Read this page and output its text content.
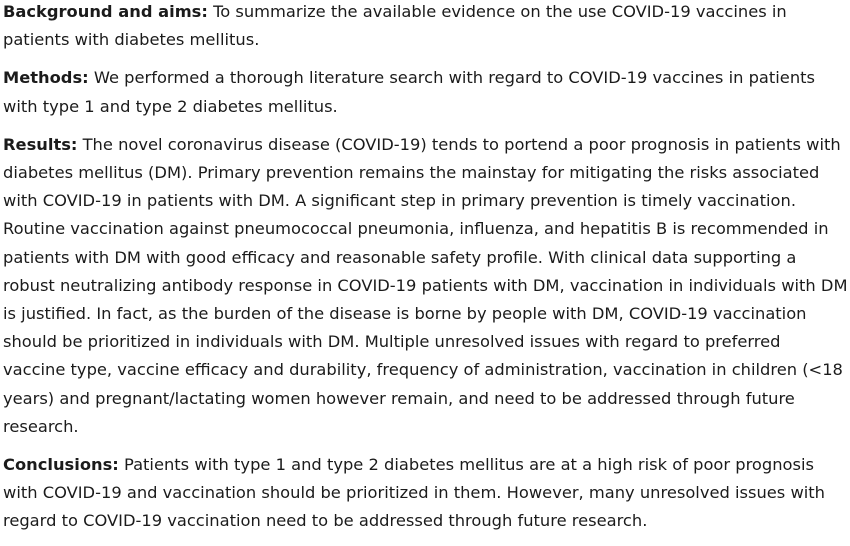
Background and aims: To summarize the available evidence on the use COVID-19 vaccines in patients with diabetes mellitus.

Methods: We performed a thorough literature search with regard to COVID-19 vaccines in patients with type 1 and type 2 diabetes mellitus.

Results: The novel coronavirus disease (COVID-19) tends to portend a poor prognosis in patients with diabetes mellitus (DM). Primary prevention remains the mainstay for mitigating the risks associated with COVID-19 in patients with DM. A significant step in primary prevention is timely vaccination. Routine vaccination against pneumococcal pneumonia, influenza, and hepatitis B is recommended in patients with DM with good efficacy and reasonable safety profile. With clinical data supporting a robust neutralizing antibody response in COVID-19 patients with DM, vaccination in individuals with DM is justified. In fact, as the burden of the disease is borne by people with DM, COVID-19 vaccination should be prioritized in individuals with DM. Multiple unresolved issues with regard to preferred vaccine type, vaccine efficacy and durability, frequency of administration, vaccination in children (<18 years) and pregnant/lactating women however remain, and need to be addressed through future research.

Conclusions: Patients with type 1 and type 2 diabetes mellitus are at a high risk of poor prognosis with COVID-19 and vaccination should be prioritized in them. However, many unresolved issues with regard to COVID-19 vaccination need to be addressed through future research.
